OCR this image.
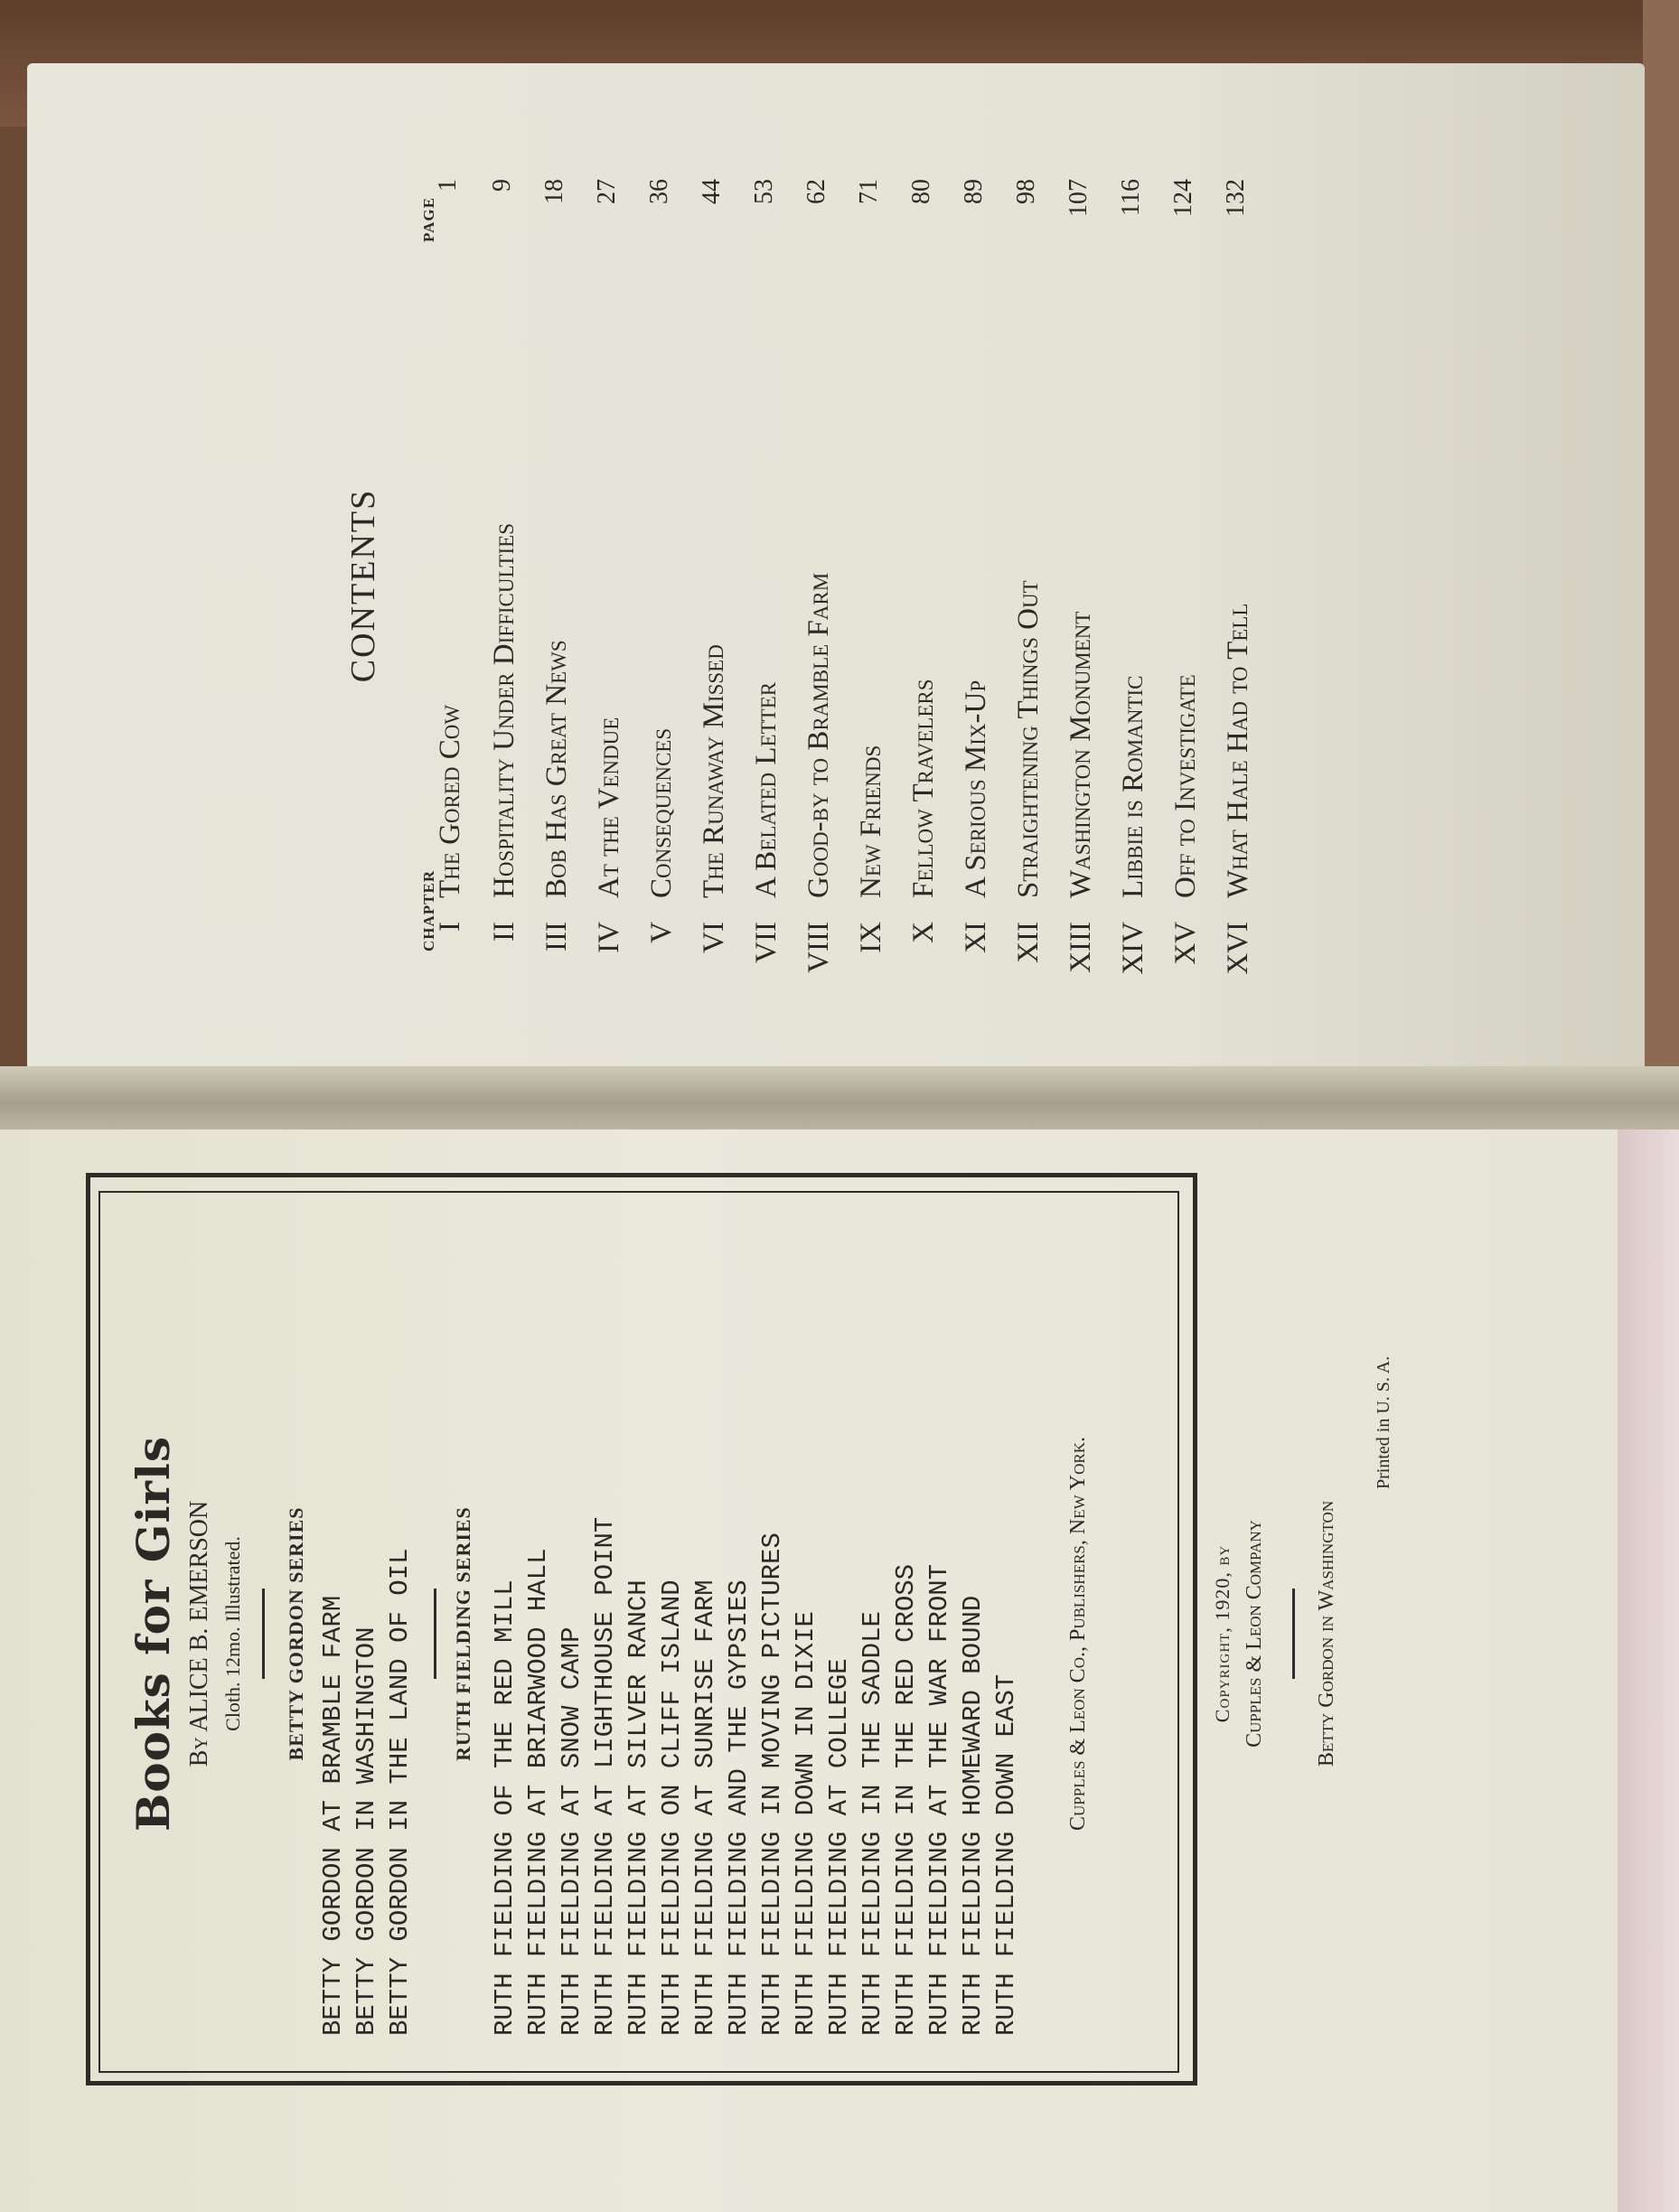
Books for Girls By ALICE B. EMERSON Cloth. 12mo. Illustrated. BETTY GORDON SERIES BETTY GORDON AT BRAMBLE FARM BETTY GORDON IN WASHINGTON BETTY GORDON IN THE LAND OF OIL RUTH FIELDING SERIES RUTH FIELDING OF THE RED MILL RUTH FIELDING AT BRIARWOOD HALL RUTH FIELDING AT SNOW CAMP RUTH FIELDING AT LIGHTHOUSE POINT RUTH FIELDING AT SILVER RANCH RUTH FIELDING ON CLIFF ISLAND RUTH FIELDING AT SUNRISE FARM RUTH FIELDING AND THE GYPSIES RUTH FIELDING IN MOVING PICTURES RUTH FIELDING DOWN IN DIXIE RUTH FIELDING AT COLLEGE RUTH FIELDING IN THE SADDLE RUTH FIELDING IN THE RED CROSS RUTH FIELDING AT THE WAR FRONT RUTH FIELDING HOMEWARD BOUND RUTH FIELDING DOWN EAST
Cupples & Leon Co., Publishers, New York.	Copyright, 1920, by Cupples & Leon Company Betty Gordon in Washington
Printed in U. S. A.
CONTENTS
CHAPTER
PAGE
I
The Gored Cow
1
II
Hospitality Under Difficulties
9
III
Bob Has Great News
18
IV
At the Vendue
27
V
Consequences
36
VI
The Runaway Missed
44
VII
A Belated Letter
53
VIII
Good-by to Bramble Farm
62
IX
New Friends
71
X
Fellow Travelers
80
XI
A Serious Mix-Up
89
XII
Straightening Things Out
98
XIII
Washington Monument
107
XIV
Libbie is Romantic
116
XV
Off to Investigate
124
XVI
What Hale Had to Tell
132
